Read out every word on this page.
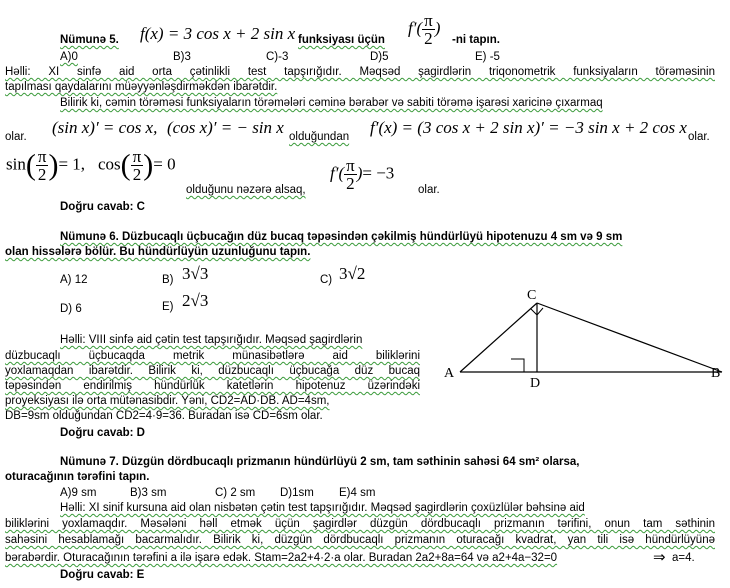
Nümunə 5. f(x) = 3 cos x + 2 sin x funksiyası üçün
$f'( \frac{\pi}{2}$ )
-ni tapın.
A)0	B)3	C)-3	D)5	E) -5
Həlli: XI sinfə aid orta çətinlikli test tapşırığıdır. Məqsəd şagirdlərin triqonometrik funksiyaların törəməsinin
tapılması qaydalarını müəyyənləşdirməkdən ibarətdir.
Bilirik ki, cəmin törəməsi funksiyaların törəmələri cəminə bərabər və sabiti törəmə işarəsi xaricinə çıxarmaq
olar. (sin x)′ = cos x, (cos x)′ = − sin x olduğundan f′(x) = (3 cos x + 2 sin x)′ = −3 sin x + 2 cos x olar.
$\sin( \frac{\pi}{2}$ )= 1, $\cos( \frac{\pi}{2}$ )= 0
olduğunu nəzərə alsaq,
$f'( \frac{\pi}{2}$ )= −3
olar.
Doğru cavab: C
Nümunə 6. Düzbucaqlı üçbucağın düz bucaq təpəsindən çəkilmiş hündürlüyü hipotenuzu 4 sm və 9 sm
olan hissələrə bölür. Bu hündürlüyün uzunluğunu tapın.
A) 12	B) 3√3	C) 3√2
D) 6	E) 2√3
Həlli: VIII sinfə aid çətin test tapşırığıdır. Məqsəd şagirdlərin
düzbucaqlı üçbucaqda metrik münasibətlərə aid biliklərini
yoxlamaqdan ibarətdir. Bilirik ki, düzbucaqlı üçbucağa düz bucaq
təpəsindən endirilmiş hündürlük katetlərin hipotenuz üzərindəki
proyeksiyası ilə orta mütənasibdir. Yəni, CD2=AD·DB. AD=4sm,
DB=9sm olduğundan CD2=4·9=36. Buradan isə CD=6sm olar.
Doğru cavab: D
A
C
D
B
Nümunə 7. Düzgün dördbucaqlı prizmanın hündürlüyü 2 sm, tam səthinin sahəsi 64 sm² olarsa,
oturacağının tərəfini tapın.
A)9 sm	B)3 sm	C) 2 sm D)1sm E)4 sm
Həlli: XI sinif kursuna aid olan nisbətən çətin test tapşırığıdır. Məqsəd şagirdlərin çoxüzlülər bəhsinə aid
biliklərini yoxlamaqdır. Məsələni həll etmək üçün şagirdlər düzgün dördbucaqlı prizmanın tərifini, onun tam səthinin
sahəsini hesablamağı bacarmalıdır. Bilirik ki, düzgün dördbucaqlı prizmanın oturacağı kvadrat, yan tili isə hündürlüyünə
bərabərdir. Oturacağının tərəfini a ilə işarə edək. Stam=2a2+4·2·a olar. Buradan 2a2+8a=64 və a2+4a−32=0	⇒ a=4.
Doğru cavab: E
